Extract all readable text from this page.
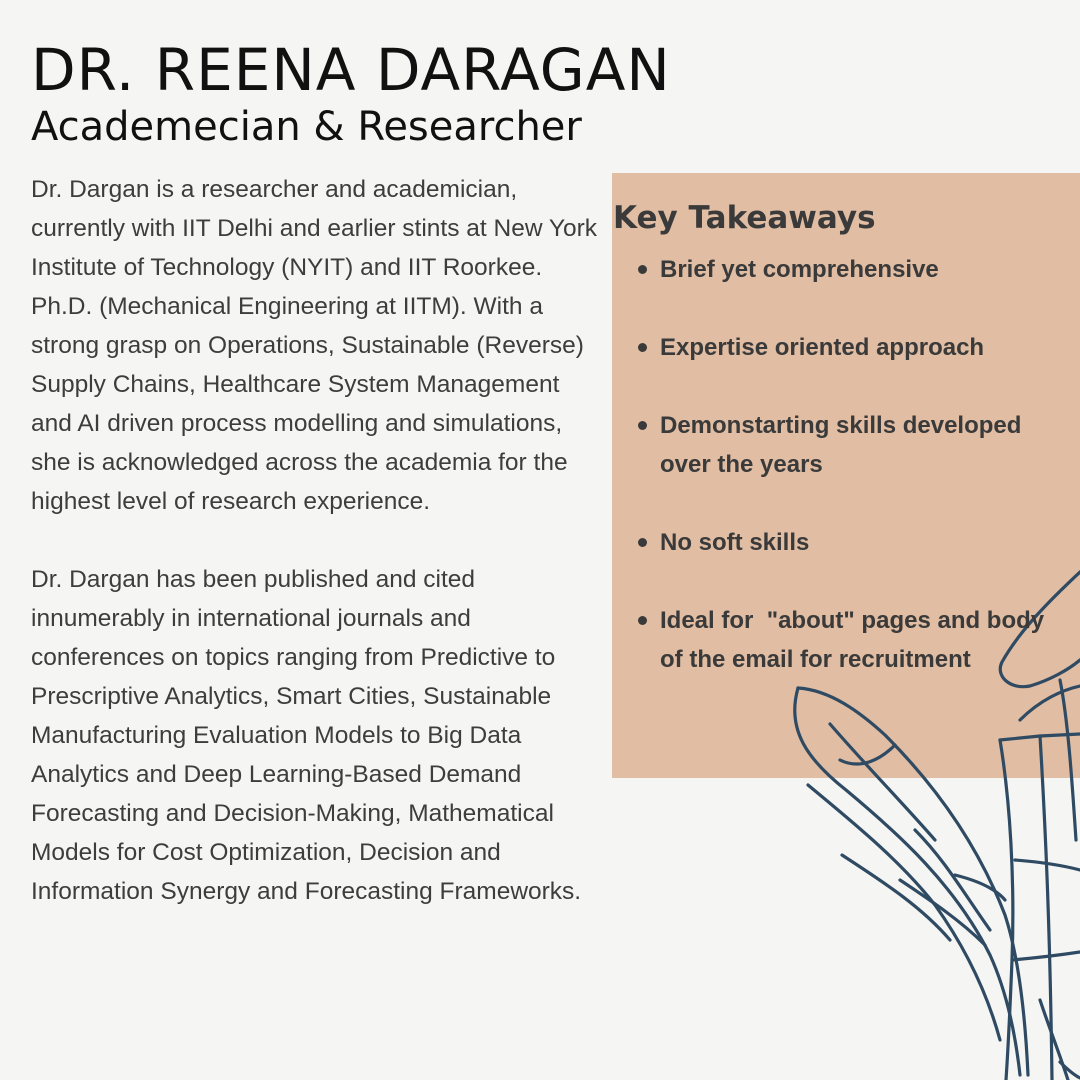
DR. REENA DARAGAN
Academecian & Researcher

Dr. Dargan is a researcher and academician, currently with IIT Delhi and earlier stints at New York Institute of Technology (NYIT) and IIT Roorkee. Ph.D. (Mechanical Engineering at IITM). With a strong grasp on Operations, Sustainable (Reverse) Supply Chains, Healthcare System Management and AI driven process modelling and simulations, she is acknowledged across the academia for the highest level of research experience.

Dr. Dargan has been published and cited innumerably in international journals and conferences on topics ranging from Predictive to Prescriptive Analytics, Smart Cities, Sustainable Manufacturing Evaluation Models to Big Data Analytics and Deep Learning-Based Demand Forecasting and Decision-Making, Mathematical Models for Cost Optimization, Decision and Information Synergy and Forecasting Frameworks.

Key Takeaways
Brief yet comprehensive
Expertise oriented approach
Demonstarting skills developed over the years
No soft skills
Ideal for  "about" pages and body of the email for recruitment
